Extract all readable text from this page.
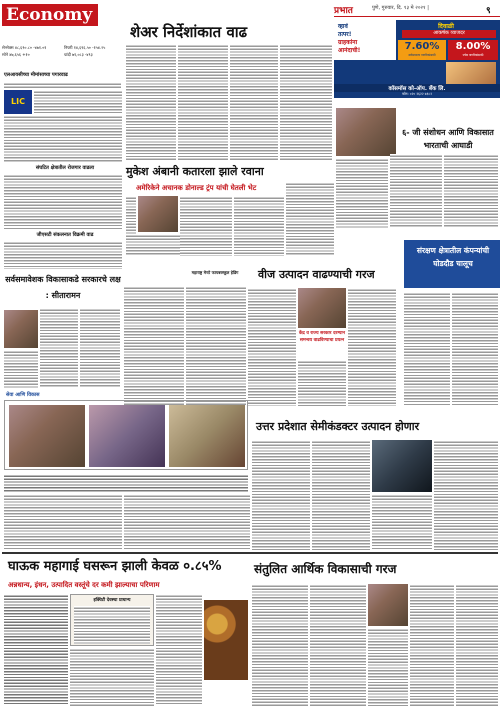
Economy	प्रभात	पुणे, गुरुवार, दि. १३ मे २०२१ |	९
सेन्सेक्स ४८,६९०.८० -४७१.०१	निफ्टी १४,६९६.५० -१५४.२५
सोने ४७,६५६ +१०	चांदी ७१,०८३ -४९३
एलआयसीच्या मीमांसाच्या पगारवाढ
LIC
संघटित क्षेत्रातील रोजगार वाढला
जीएसटी संकलनात विक्रमी वाढ
शेअर निर्देशांकात वाढ	व्हावं
तत्पर!
ग्राहकांना
आनंदाची!
दिवाळी
आकर्षक व्याजदर
7.60%
सर्वसामान्य नागरिकांसाठी
8.00%
ज्येष्ठ नागरिकांसाठी
कॉसमॉस को-ऑप. बँक लि.
फोन: ०२० २६२२ ७१८२
६- जी संशोधन आणि विकासात भारताची आघाडी
मुकेश अंबानी कतारला झाले रवाना
अमेरिकेने अचानक डोनाल्ड ट्रंप यांची घेतली भेट
सर्वसमावेशक विकासाकडे सरकारचे लक्ष : सीतारामन
महाराष्ट्र मेन्टो फायबरस्कूल हेडिंग	वीज उत्पादन वाढण्याची गरज
केंद्र व राज्य सरकार दरम्यान समन्वय वाढविण्याचा प्रयत्न
संरक्षण क्षेत्रातील कंपन्यांची घोडदौड चालूच
सेवा आणि विकास
उत्तर प्रदेशात सेमीकंडक्टर उत्पादन होणार
घाऊक महागाई घसरून झाली केवळ ०.८५%
अन्नधान्य, इंधन, उत्पादित वस्तूंचे दर कमी झाल्याचा परिणाम
इक्विटी देवस्था प्राधान्य
संतुलित आर्थिक विकासाची गरज
